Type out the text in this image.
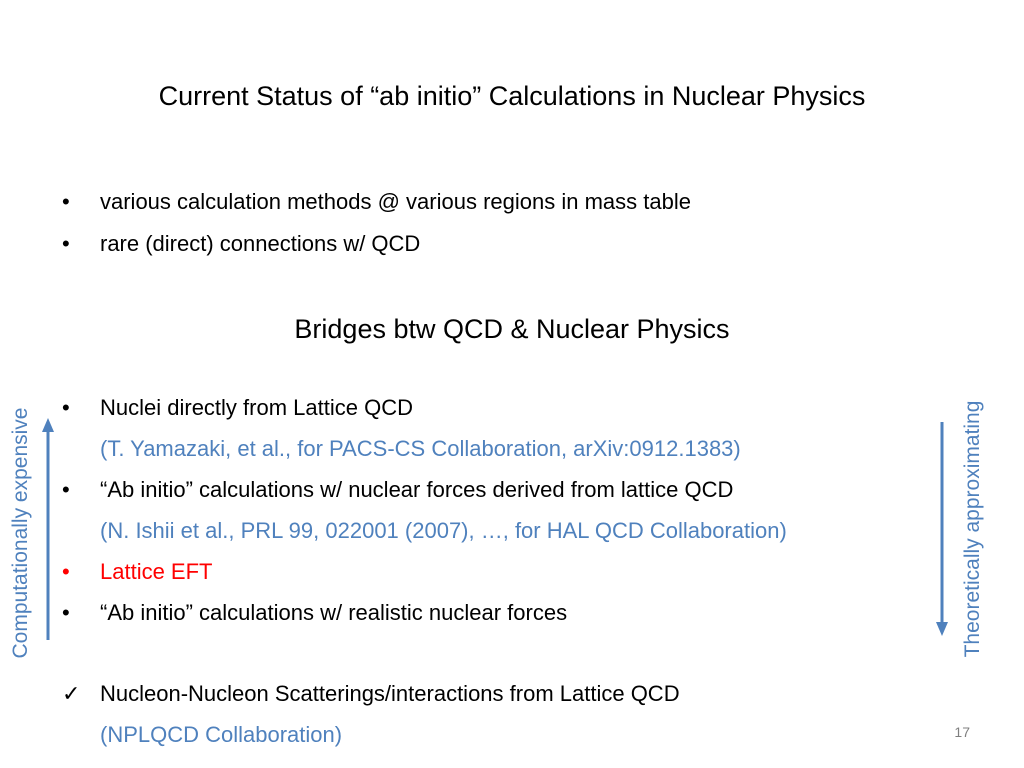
Current Status of “ab initio” Calculations in Nuclear Physics
• various calculation methods @ various regions in mass table
• rare (direct) connections w/ QCD
Bridges btw QCD & Nuclear Physics
• Nuclei directly from Lattice QCD
(T. Yamazaki, et al., for PACS-CS Collaboration, arXiv:0912.1383)
• “Ab initio” calculations w/ nuclear forces derived from lattice QCD
(N. Ishii et al., PRL 99, 022001 (2007), …, for HAL QCD Collaboration)
• Lattice EFT
• “Ab initio” calculations w/ realistic nuclear forces
✓ Nucleon-Nucleon Scatterings/interactions from Lattice QCD
(NPLQCD Collaboration)
Computationally expensive	Theoretically approximating
17
